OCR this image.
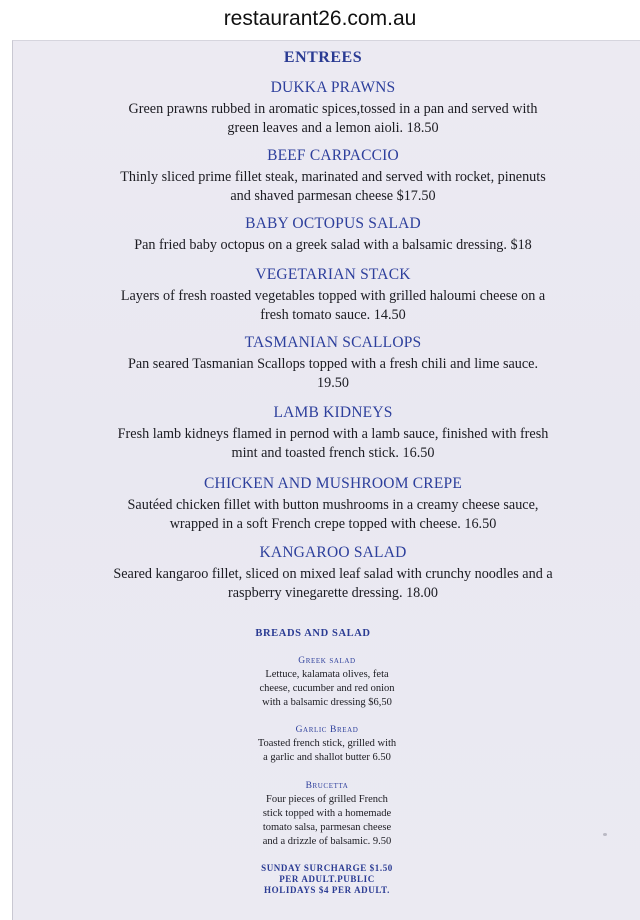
restaurant26.com.au
ENTREES
DUKKA PRAWNS
Green prawns rubbed in aromatic spices,tossed in a pan and served with
green leaves and a lemon aioli. 18.50
BEEF CARPACCIO
Thinly sliced prime fillet steak, marinated and served with rocket, pinenuts
and shaved parmesan cheese $17.50
BABY OCTOPUS SALAD
Pan fried baby octopus on a greek salad with a balsamic dressing. $18
VEGETARIAN STACK
Layers of fresh roasted vegetables topped with grilled haloumi cheese on a
fresh tomato sauce. 14.50
TASMANIAN SCALLOPS
Pan seared Tasmanian Scallops topped with a fresh chili and lime sauce.
19.50
LAMB KIDNEYS
Fresh lamb kidneys flamed in pernod with a lamb sauce, finished with fresh
mint and toasted french stick. 16.50
CHICKEN AND MUSHROOM CREPE
Sautéed chicken fillet with button mushrooms in a creamy cheese sauce,
wrapped in a soft French crepe topped with cheese. 16.50
KANGAROO SALAD
Seared kangaroo fillet, sliced on mixed leaf salad with crunchy noodles and a
raspberry vinegarette dressing. 18.00
BREADS AND SALAD
Greek salad
Lettuce, kalamata olives, feta
cheese, cucumber and red onion
with a balsamic dressing $6,50
Garlic Bread
Toasted french stick, grilled with
a garlic and shallot butter 6.50
Brucetta
Four pieces of grilled French
stick topped with a homemade
tomato salsa, parmesan cheese
and a drizzle of balsamic. 9.50
SUNDAY SURCHARGE $1.50
PER ADULT.PUBLIC
HOLIDAYS $4 PER ADULT.
